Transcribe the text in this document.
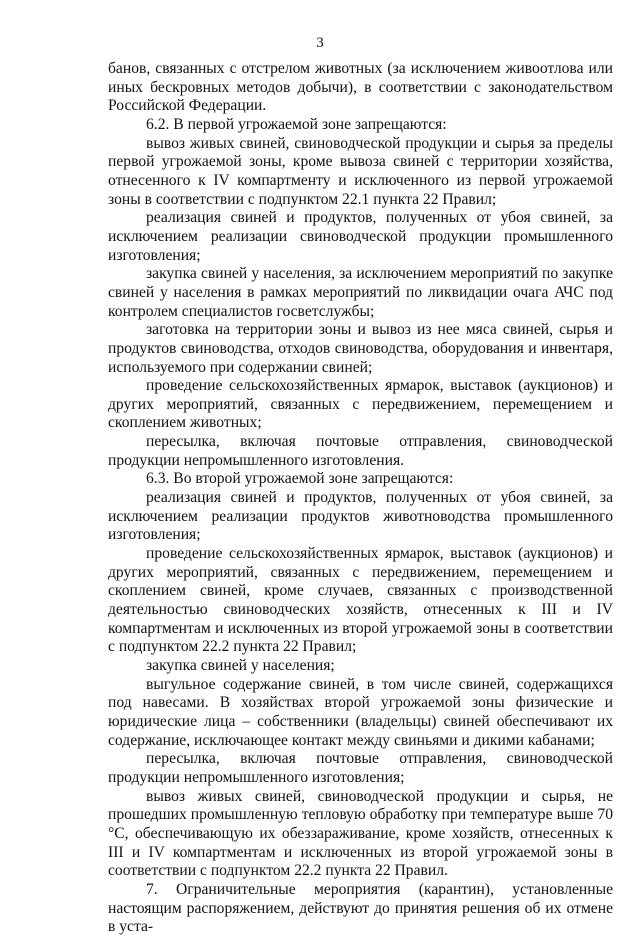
3

банов, связанных с отстрелом животных (за исключением живоотлова или иных бескровных методов добычи), в соответствии с законодательством Российской Федерации.

6.2. В первой угрожаемой зоне запрещаются:

вывоз живых свиней, свиноводческой продукции и сырья за пределы первой угрожаемой зоны, кроме вывоза свиней с территории хозяйства, отнесенного к IV компартменту и исключенного из первой угрожаемой зоны в соответствии с подпунктом 22.1 пункта 22 Правил;

реализация свиней и продуктов, полученных от убоя свиней, за исключением реализации свиноводческой продукции промышленного изготовления;

закупка свиней у населения, за исключением мероприятий по закупке свиней у населения в рамках мероприятий по ликвидации очага АЧС под контролем специалистов госветслужбы;

заготовка на территории зоны и вывоз из нее мяса свиней, сырья и продуктов свиноводства, отходов свиноводства, оборудования и инвентаря, используемого при содержании свиней;

проведение сельскохозяйственных ярмарок, выставок (аукционов) и других мероприятий, связанных с передвижением, перемещением и скоплением животных;

пересылка, включая почтовые отправления, свиноводческой продукции непромышленного изготовления.

6.3. Во второй угрожаемой зоне запрещаются:

реализация свиней и продуктов, полученных от убоя свиней, за исключением реализации продуктов животноводства промышленного изготовления;

проведение сельскохозяйственных ярмарок, выставок (аукционов) и других мероприятий, связанных с передвижением, перемещением и скоплением свиней, кроме случаев, связанных с производственной деятельностью свиноводческих хозяйств, отнесенных к III и IV компартментам и исключенных из второй угрожаемой зоны в соответствии с подпунктом 22.2 пункта 22 Правил;

закупка свиней у населения;

выгульное содержание свиней, в том числе свиней, содержащихся под навесами. В хозяйствах второй угрожаемой зоны физические и юридические лица – собственники (владельцы) свиней обеспечивают их содержание, исключающее контакт между свиньями и дикими кабанами;

пересылка, включая почтовые отправления, свиноводческой продукции непромышленного изготовления;

вывоз живых свиней, свиноводческой продукции и сырья, не прошедших промышленную тепловую обработку при температуре выше 70 °С, обеспечивающую их обеззараживание, кроме хозяйств, отнесенных к III и IV компартментам и исключенных из второй угрожаемой зоны в соответствии с подпунктом 22.2 пункта 22 Правил.

7. Ограничительные мероприятия (карантин), установленные настоящим распоряжением, действуют до принятия решения об их отмене в уста-
